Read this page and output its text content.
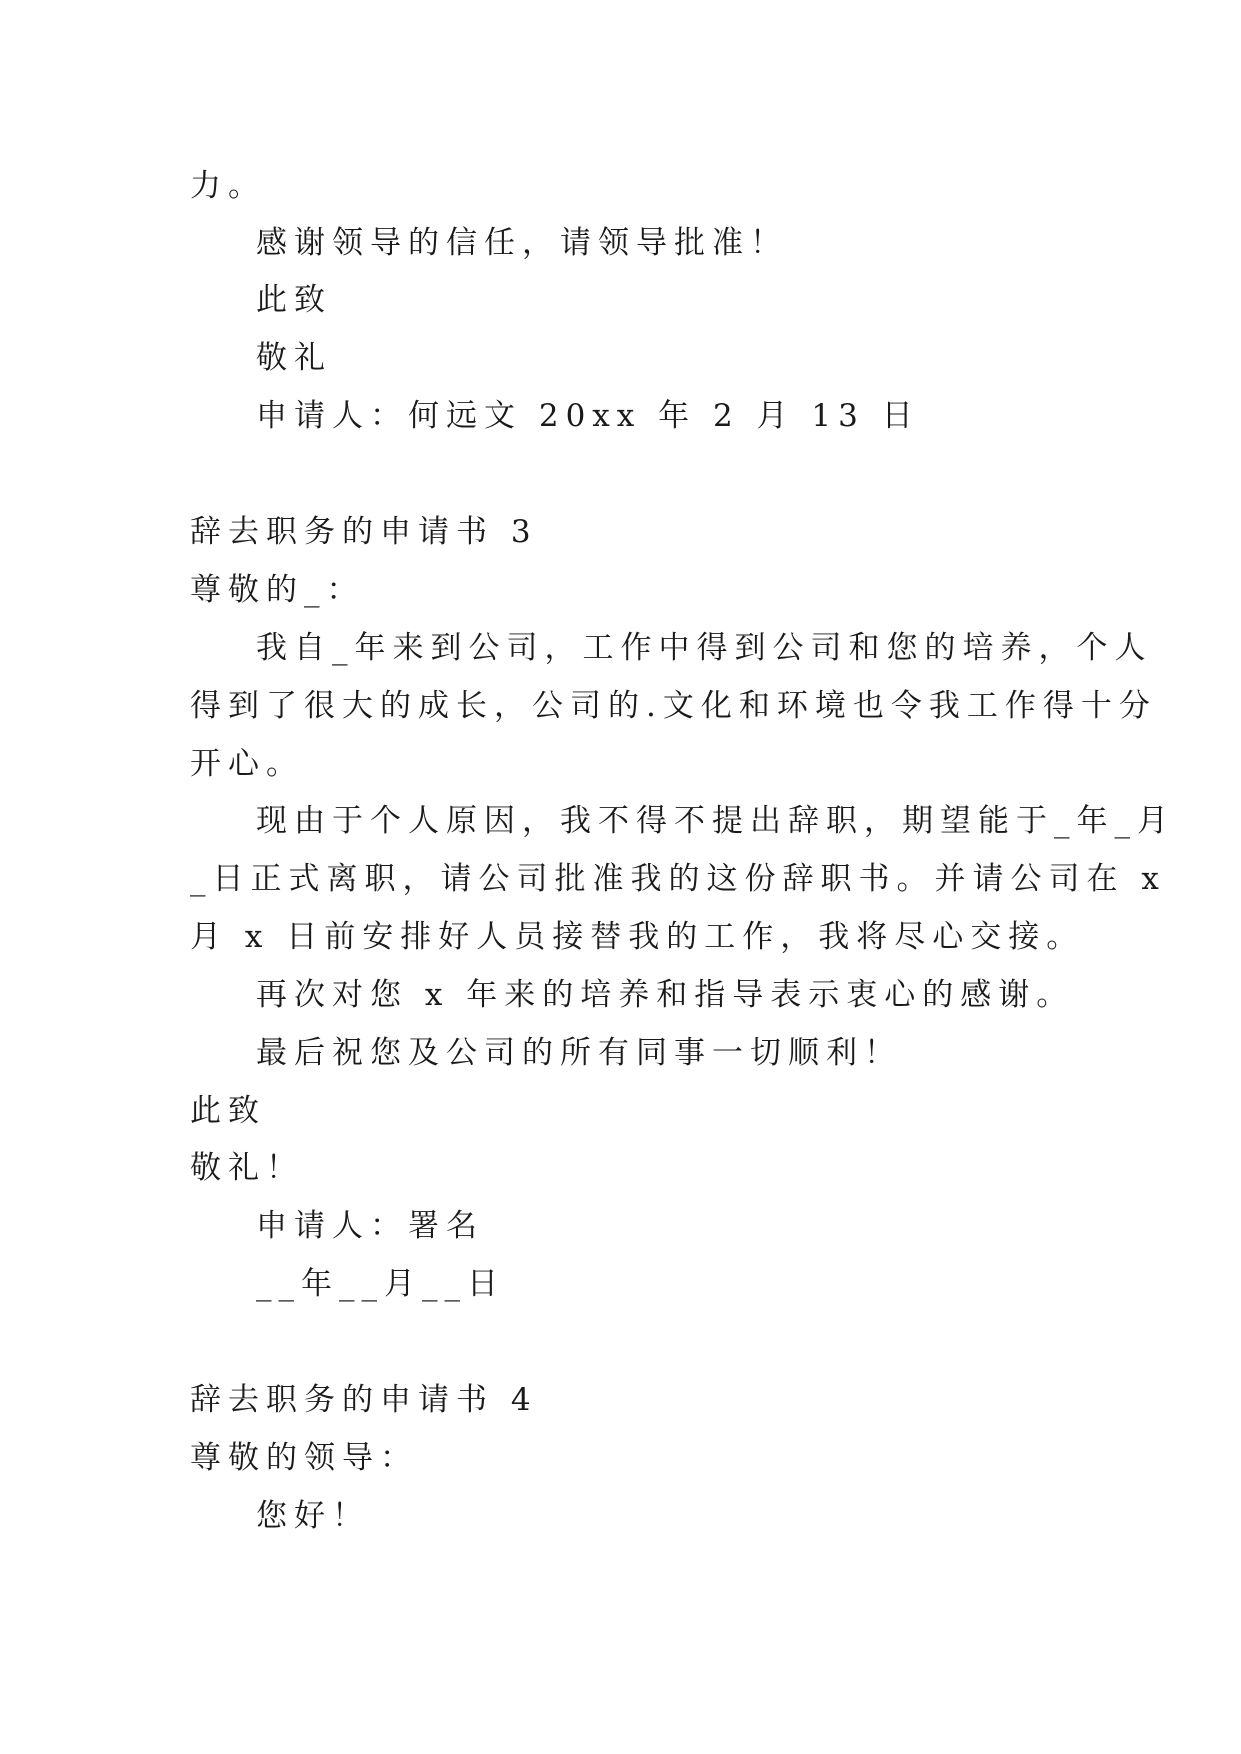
力。
感谢领导的信任，请领导批准！
此致
敬礼
申请人：何远文 20xx 年 2 月 13 日
辞去职务的申请书 3
尊敬的_：
我自_年来到公司，工作中得到公司和您的培养，个人
得到了很大的成长，公司的.文化和环境也令我工作得十分
开心。
现由于个人原因，我不得不提出辞职，期望能于_年_月
_日正式离职，请公司批准我的这份辞职书。并请公司在 x
月 x 日前安排好人员接替我的工作，我将尽心交接。
再次对您 x 年来的培养和指导表示衷心的感谢。
最后祝您及公司的所有同事一切顺利！
此致
敬礼！
申请人：署名
__年__月__日
辞去职务的申请书 4
尊敬的领导：
您好！
